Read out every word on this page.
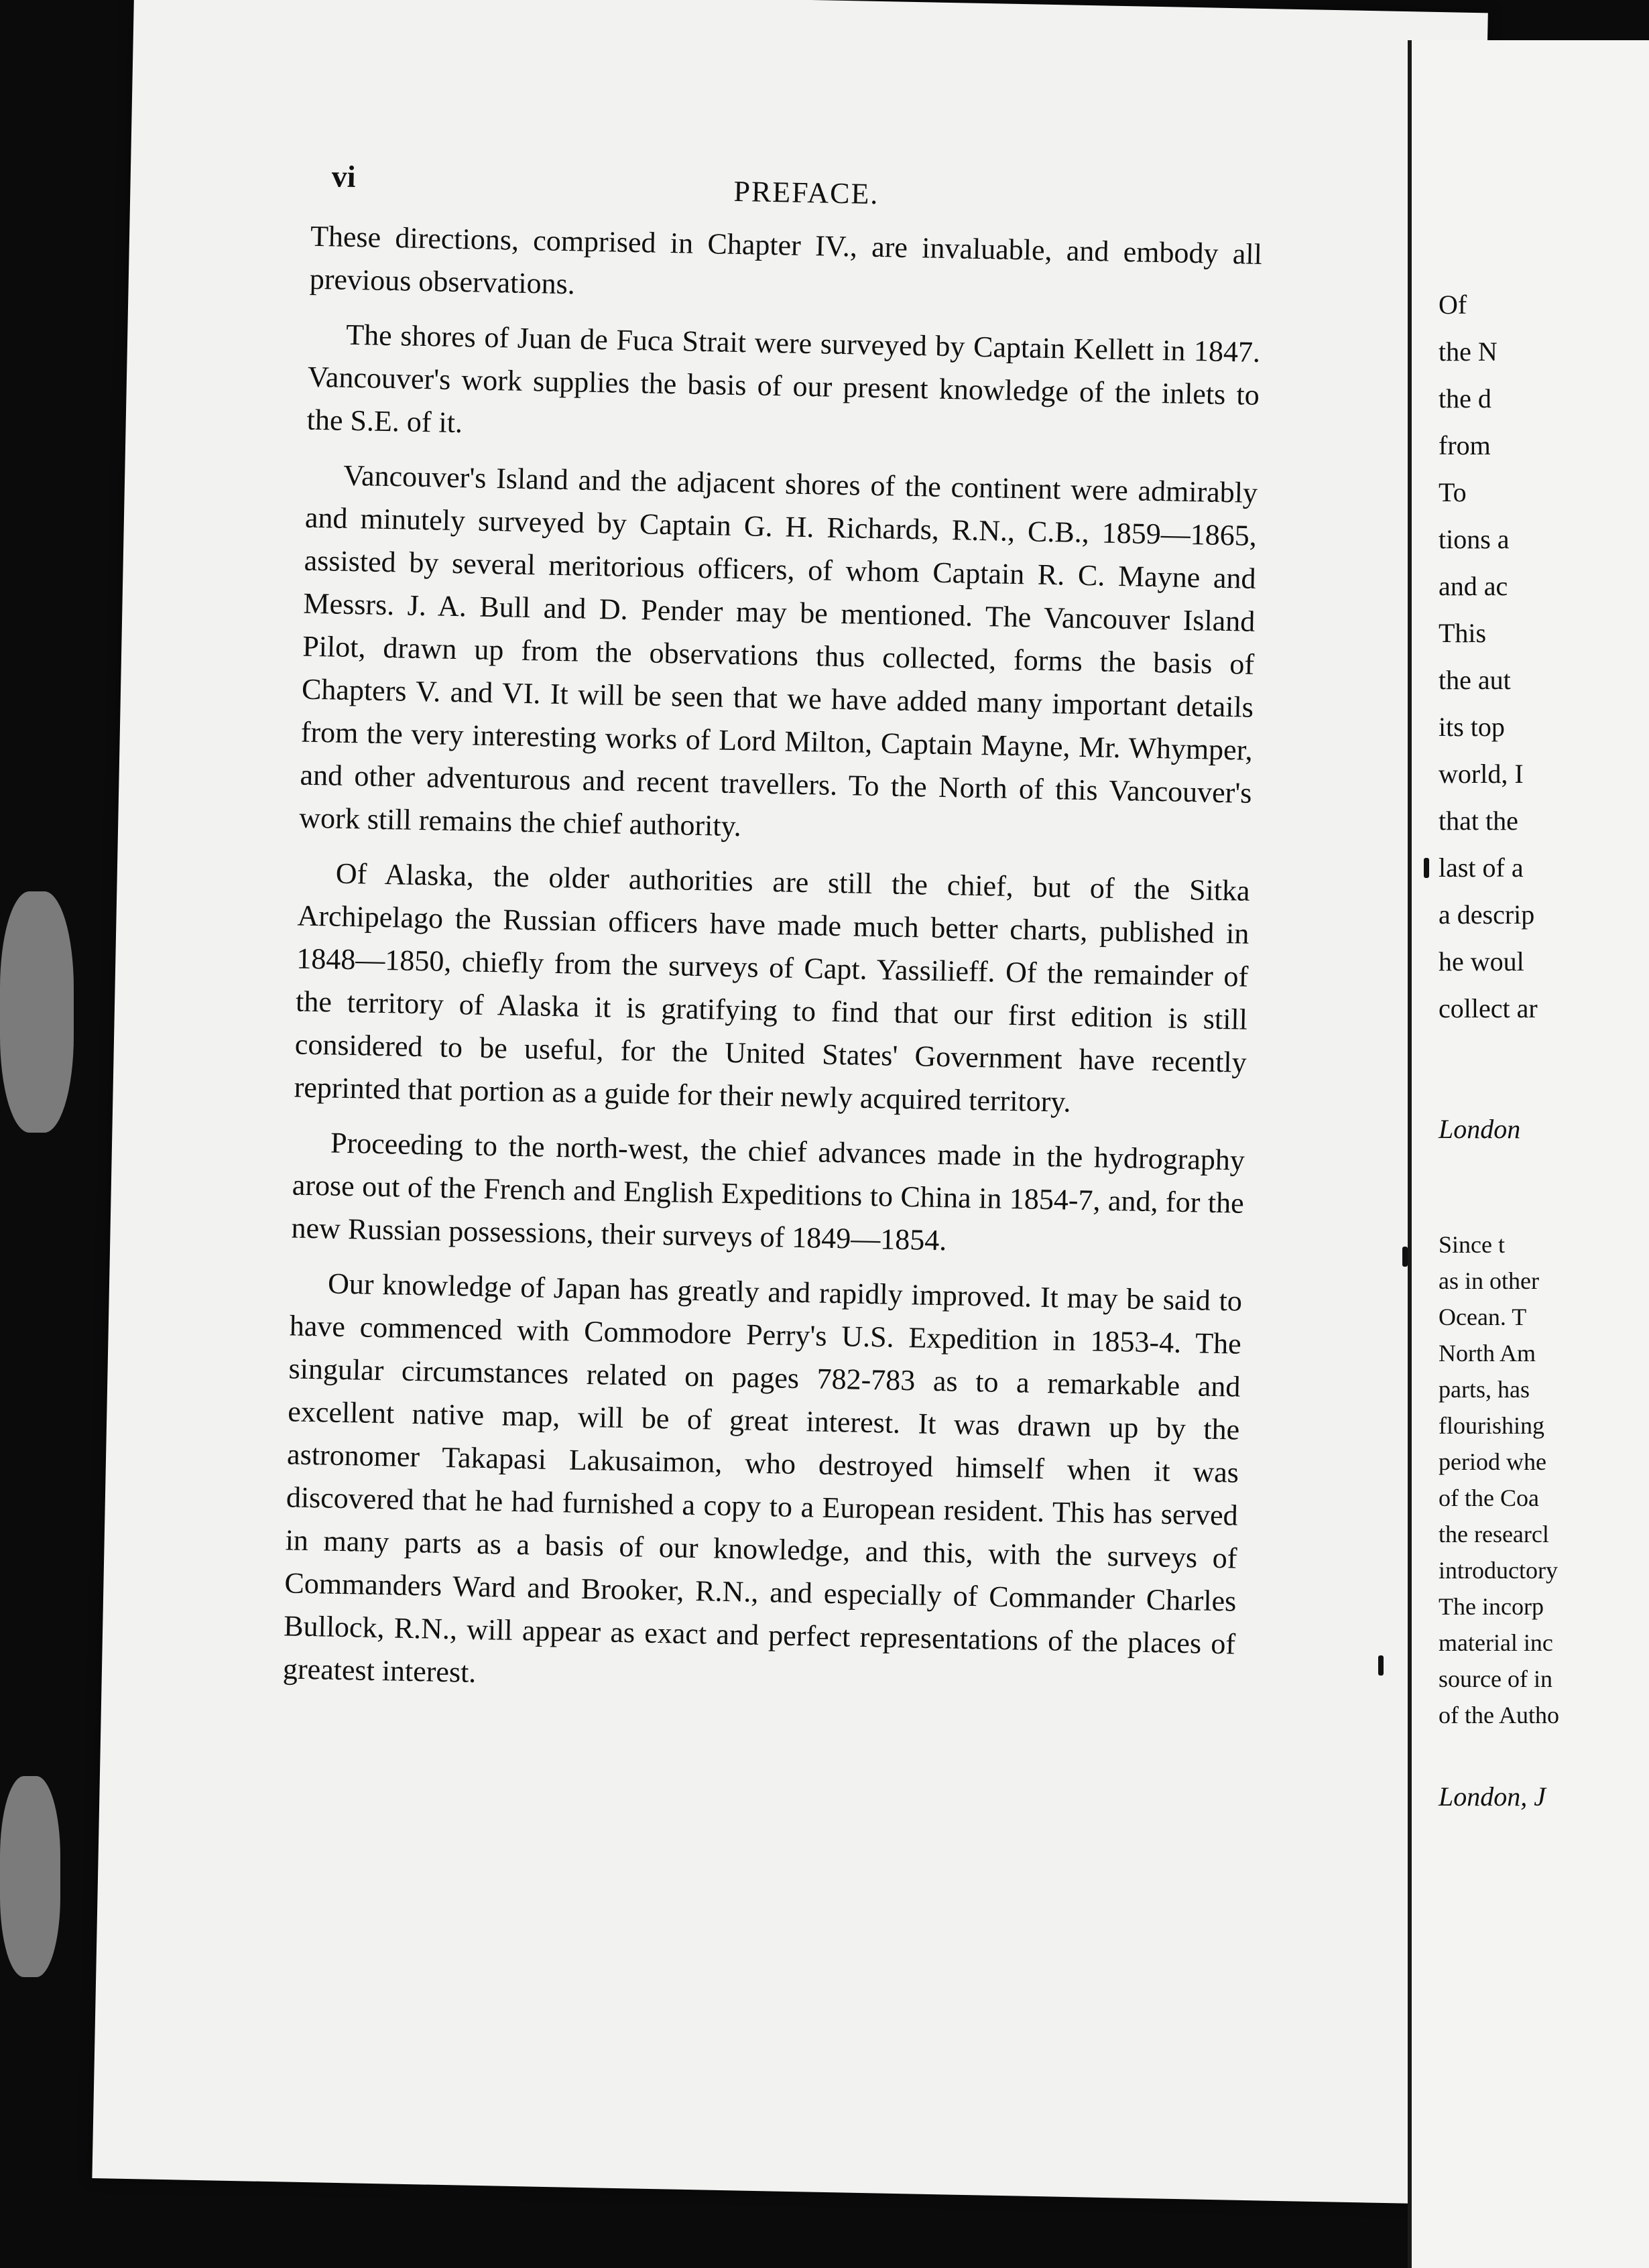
vi	PREFACE.

These directions, comprised in Chapter IV., are invaluable, and embody all previous observations.

The shores of Juan de Fuca Strait were surveyed by Captain Kellett in 1847. Vancouver's work supplies the basis of our present knowledge of the inlets to the S.E. of it.

Vancouver's Island and the adjacent shores of the continent were admirably and minutely surveyed by Captain G. H. Richards, R.N., C.B., 1859—1865, assisted by several meritorious officers, of whom Captain R. C. Mayne and Messrs. J. A. Bull and D. Pender may be mentioned. The Vancouver Island Pilot, drawn up from the observations thus collected, forms the basis of Chapters V. and VI. It will be seen that we have added many important details from the very interesting works of Lord Milton, Captain Mayne, Mr. Whymper, and other adventurous and recent travellers. To the North of this Vancouver's work still remains the chief authority.

Of Alaska, the older authorities are still the chief, but of the Sitka Archipelago the Russian officers have made much better charts, published in 1848—1850, chiefly from the surveys of Capt. Yassilieff. Of the remainder of the territory of Alaska it is gratifying to find that our first edition is still considered to be useful, for the United States' Government have recently reprinted that portion as a guide for their newly acquired territory.

Proceeding to the north-west, the chief advances made in the hydrography arose out of the French and English Expeditions to China in 1854-7, and, for the new Russian possessions, their surveys of 1849—1854.

Our knowledge of Japan has greatly and rapidly improved. It may be said to have commenced with Commodore Perry's U.S. Expedition in 1853-4. The singular circumstances related on pages 782-783 as to a remarkable and excellent native map, will be of great interest. It was drawn up by the astronomer Takapasi Lakusaimon, who destroyed himself when it was discovered that he had furnished a copy to a European resident. This has served in many parts as a basis of our knowledge, and this, with the surveys of Commanders Ward and Brooker, R.N., and especially of Commander Charles Bullock, R.N., will appear as exact and perfect representations of the places of greatest interest.

Of
the N
the d
from
To
tions a
and ac
This
the aut
its top
world, I
that the
last of a
a descrip
he woul
collect ar
London
Since t
as in other
Ocean. T
North Am
parts, has
flourishing
period whe
of the Coa
the researcl
introductory
The incorp
material inc
source of in
of the Autho
London, J
